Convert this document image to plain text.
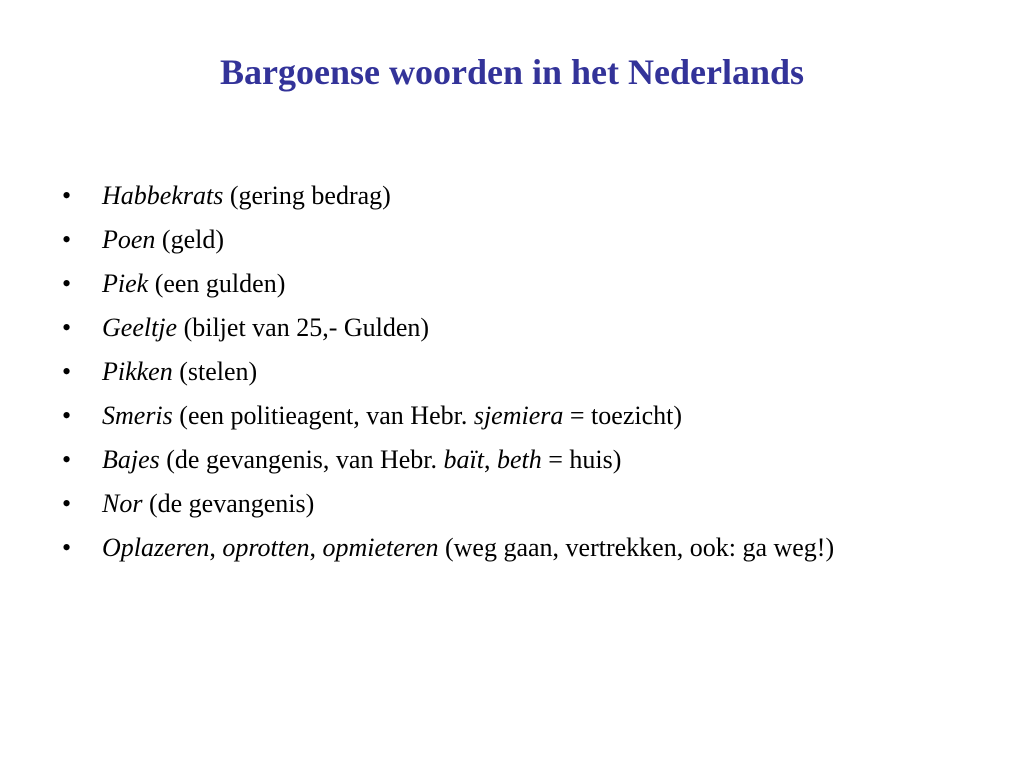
Bargoense woorden in het Nederlands
•	Habbekrats (gering bedrag)
•	Poen (geld)
•	Piek (een gulden)
•	Geeltje (biljet van 25,- Gulden)
•	Pikken (stelen)
•	Smeris (een politieagent, van Hebr. sjemiera = toezicht)
•	Bajes (de gevangenis, van Hebr. baït, beth = huis)
•	Nor (de gevangenis)
•	Oplazeren, oprotten, opmieteren (weg gaan, vertrekken, ook: ga weg!)
